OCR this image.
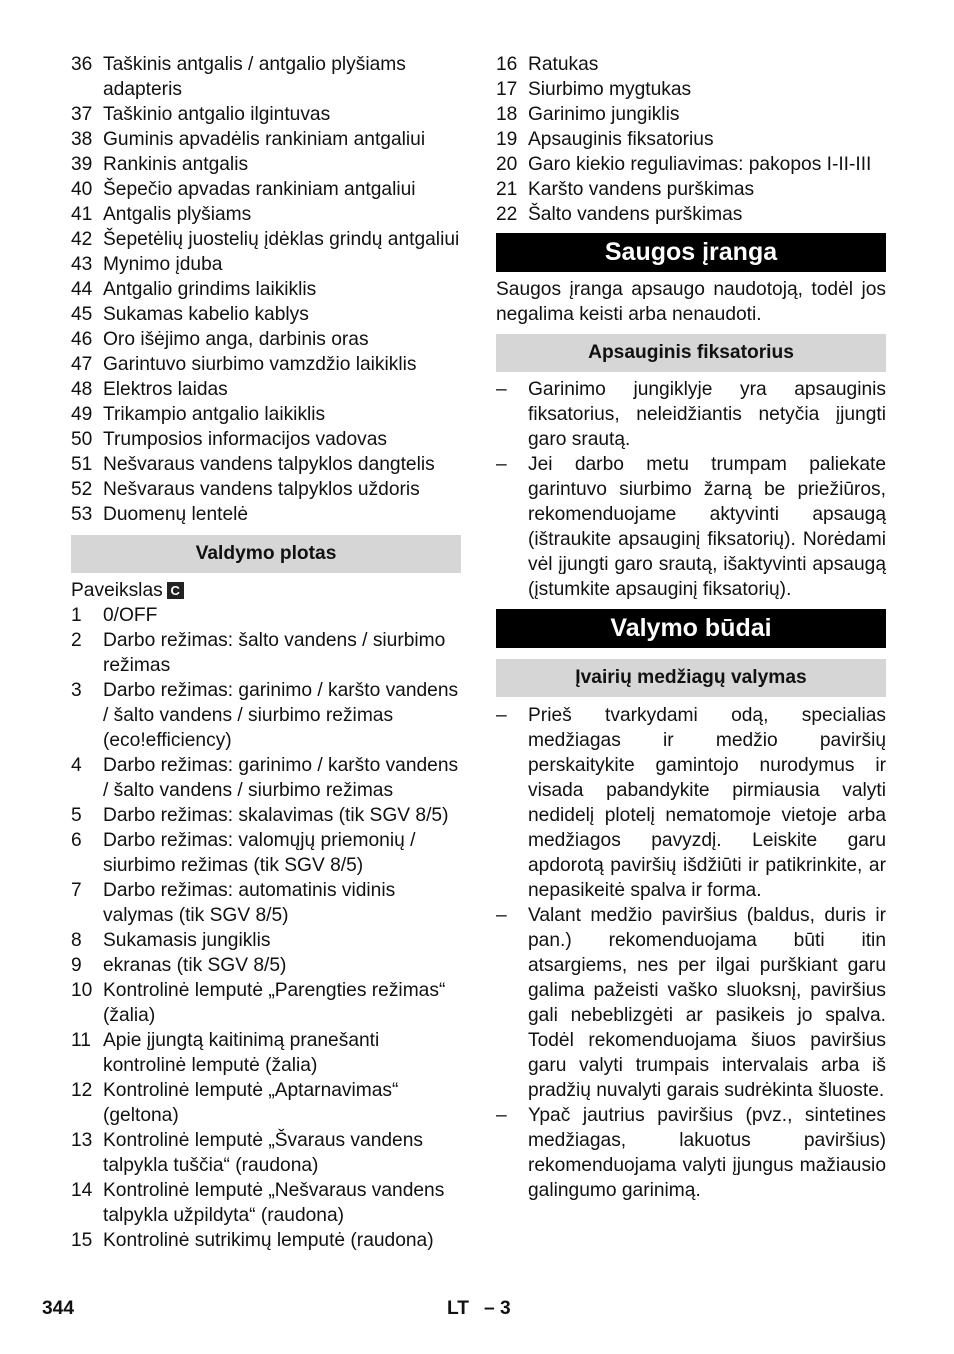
36 Taškinis antgalis / antgalio plyšiams adapteris
37 Taškinio antgalio ilgintuvas
38 Guminis apvadėlis rankiniam antgaliui
39 Rankinis antgalis
40 Šepečio apvadas rankiniam antgaliui
41 Antgalis plyšiams
42 Šepetėlių juostelių įdėklas grindų antgaliui
43 Mynimo įduba
44 Antgalio grindims laikiklis
45 Sukamas kabelio kablys
46 Oro išėjimo anga, darbinis oras
47 Garintuvo siurbimo vamzdžio laikiklis
48 Elektros laidas
49 Trikampio antgalio laikiklis
50 Trumposios informacijos vadovas
51 Nešvaraus vandens talpyklos dangtelis
52 Nešvaraus vandens talpyklos uždoris
53 Duomenų lentelė
Valdymo plotas
Paveikslas C
1	0/OFF
2	Darbo režimas: šalto vandens / siurbimo režimas
3	Darbo režimas: garinimo / karšto vandens / šalto vandens / siurbimo režimas (eco!efficiency)
4	Darbo režimas: garinimo / karšto vandens / šalto vandens / siurbimo režimas
5	Darbo režimas: skalavimas (tik SGV 8/5)
6	Darbo režimas: valomųjų priemonių / siurbimo režimas (tik SGV 8/5)
7	Darbo režimas: automatinis vidinis valymas (tik SGV 8/5)
8	Sukamasis jungiklis
9	ekranas (tik SGV 8/5)
10 Kontrolinė lemputė „Parengties režimas“ (žalia)
11 Apie įjungtą kaitinimą pranešanti kontrolinė lemputė (žalia)
12 Kontrolinė lemputė „Aptarnavimas“ (geltona)
13 Kontrolinė lemputė „Švaraus vandens talpykla tuščia“ (raudona)
14 Kontrolinė lemputė „Nešvaraus vandens talpykla užpildyta“ (raudona)
15 Kontrolinė sutrikimų lemputė (raudona)
16 Ratukas
17 Siurbimo mygtukas
18 Garinimo jungiklis
19 Apsauginis fiksatorius
20 Garo kiekio reguliavimas: pakopos I-II-III
21 Karšto vandens purškimas
22 Šalto vandens purškimas
Saugos įranga
Saugos įranga apsaugo naudotoją, todėl jos negalima keisti arba nenaudoti.
Apsauginis fiksatorius
–	Garinimo jungiklyje yra apsauginis fiksatorius, neleidžiantis netyčia įjungti garo srautą.
–	Jei darbo metu trumpam paliekate garintuvo siurbimo žarną be priežiūros, rekomenduojame aktyvinti apsaugą (ištraukite apsauginį fiksatorių). Norėdami vėl įjungti garo srautą, išaktyvinti apsaugą (įstumkite apsauginį fiksatorių).
Valymo būdai
Įvairių medžiagų valymas
–	Prieš tvarkydami odą, specialias medžiagas ir medžio paviršių perskaitykite gamintojo nurodymus ir visada pabandykite pirmiausia valyti nedidelį plotelį nematomoje vietoje arba medžiagos pavyzdį. Leiskite garu apdorotą paviršių išdžiūti ir patikrinkite, ar nepasikeitė spalva ir forma.
–	Valant medžio paviršius (baldus, duris ir pan.) rekomenduojama būti itin atsargiems, nes per ilgai purškiant garu galima pažeisti vaško sluoksnį, paviršius gali nebeblizgėti ar pasikeis jo spalva. Todėl rekomenduojama šiuos paviršius garu valyti trumpais intervalais arba iš pradžių nuvalyti garais sudrėkinta šluoste.
–	Ypač jautrius paviršius (pvz., sintetines medžiagas, lakuotus paviršius) rekomenduojama valyti įjungus mažiausio galingumo garinimą.
344	LT – 3
